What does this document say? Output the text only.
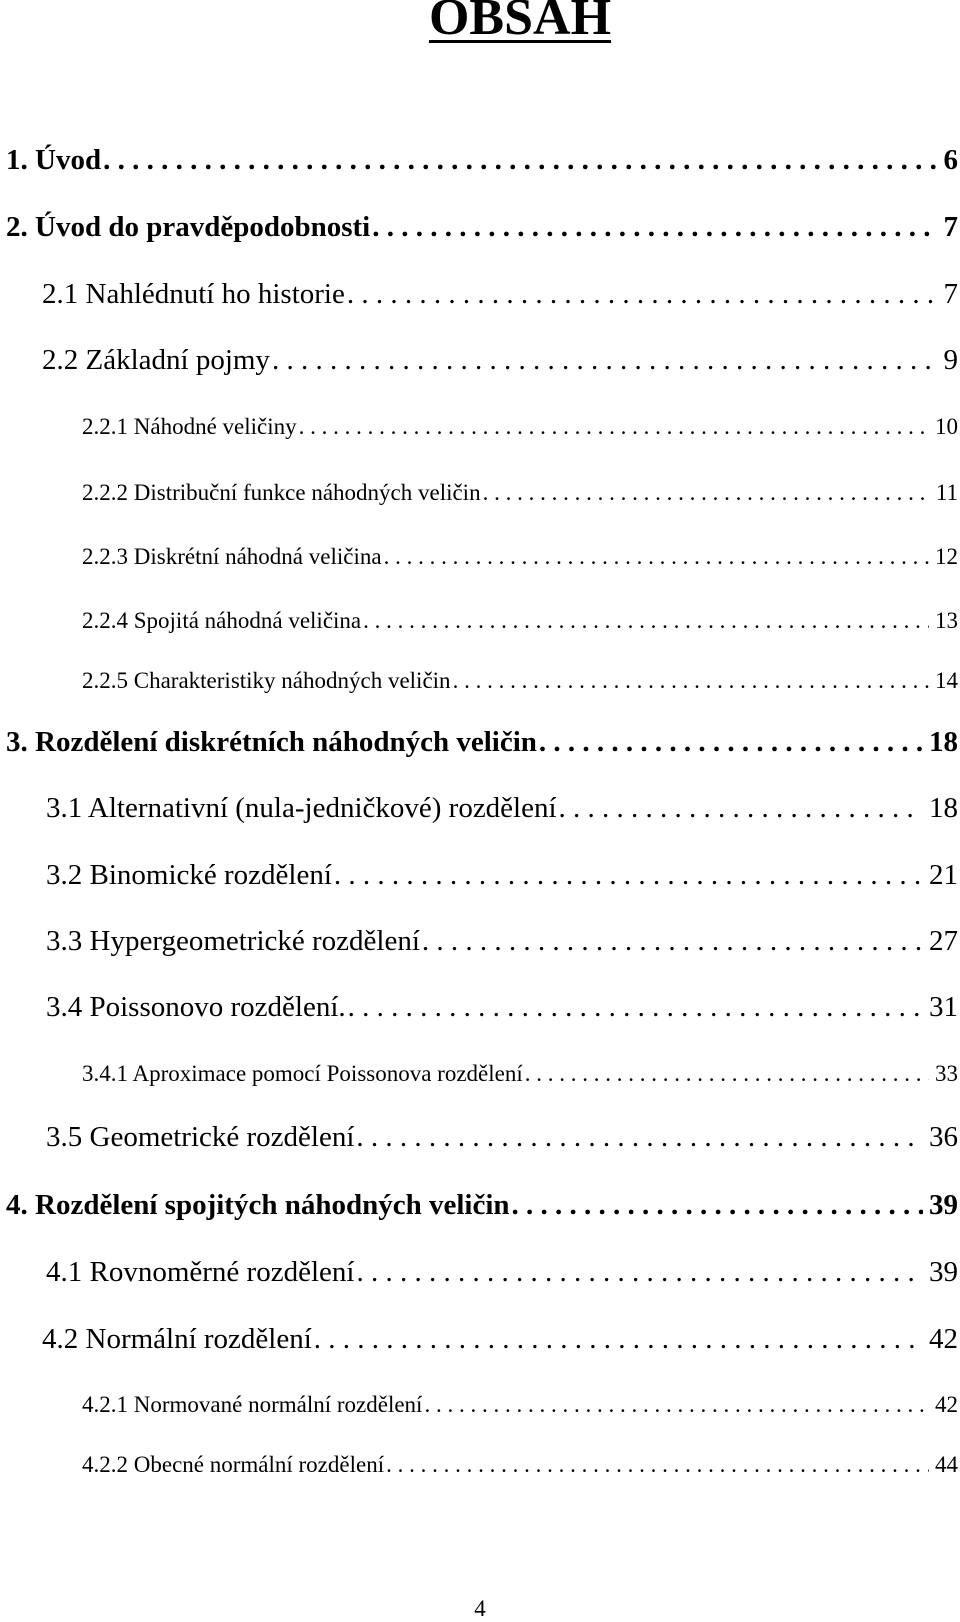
OBSAH
1. Úvod . . .	6
2. Úvod do pravděpodobnosti . . .	7
2.1 Nahlédnutí ho historie . . .	7
2.2 Základní pojmy . . .	9
2.2.1 Náhodné veličiny . . .	10
2.2.2 Distribuční funkce náhodných veličin . . .	11
2.2.3 Diskrétní náhodná veličina . . .	12
2.2.4 Spojitá náhodná veličina . . .	13
2.2.5 Charakteristiky náhodných veličin . . .	14
3. Rozdělení diskrétních náhodných veličin . . .	18
3.1 Alternativní (nula-jedničkové) rozdělení . . .	18
3.2 Binomické rozdělení . . .	21
3.3 Hypergeometrické rozdělení . . .	27
3.4 Poissonovo rozdělení. . . .	31
3.4.1 Aproximace pomocí Poissonova rozdělení . . .	33
3.5 Geometrické rozdělení . . .	36
4. Rozdělení spojitých náhodných veličin . . .	39
4.1 Rovnoměrné rozdělení . . .	39
4.2 Normální rozdělení . . .	42
4.2.1 Normované normální rozdělení . . .	42
4.2.2 Obecné normální rozdělení . . .	44
4
